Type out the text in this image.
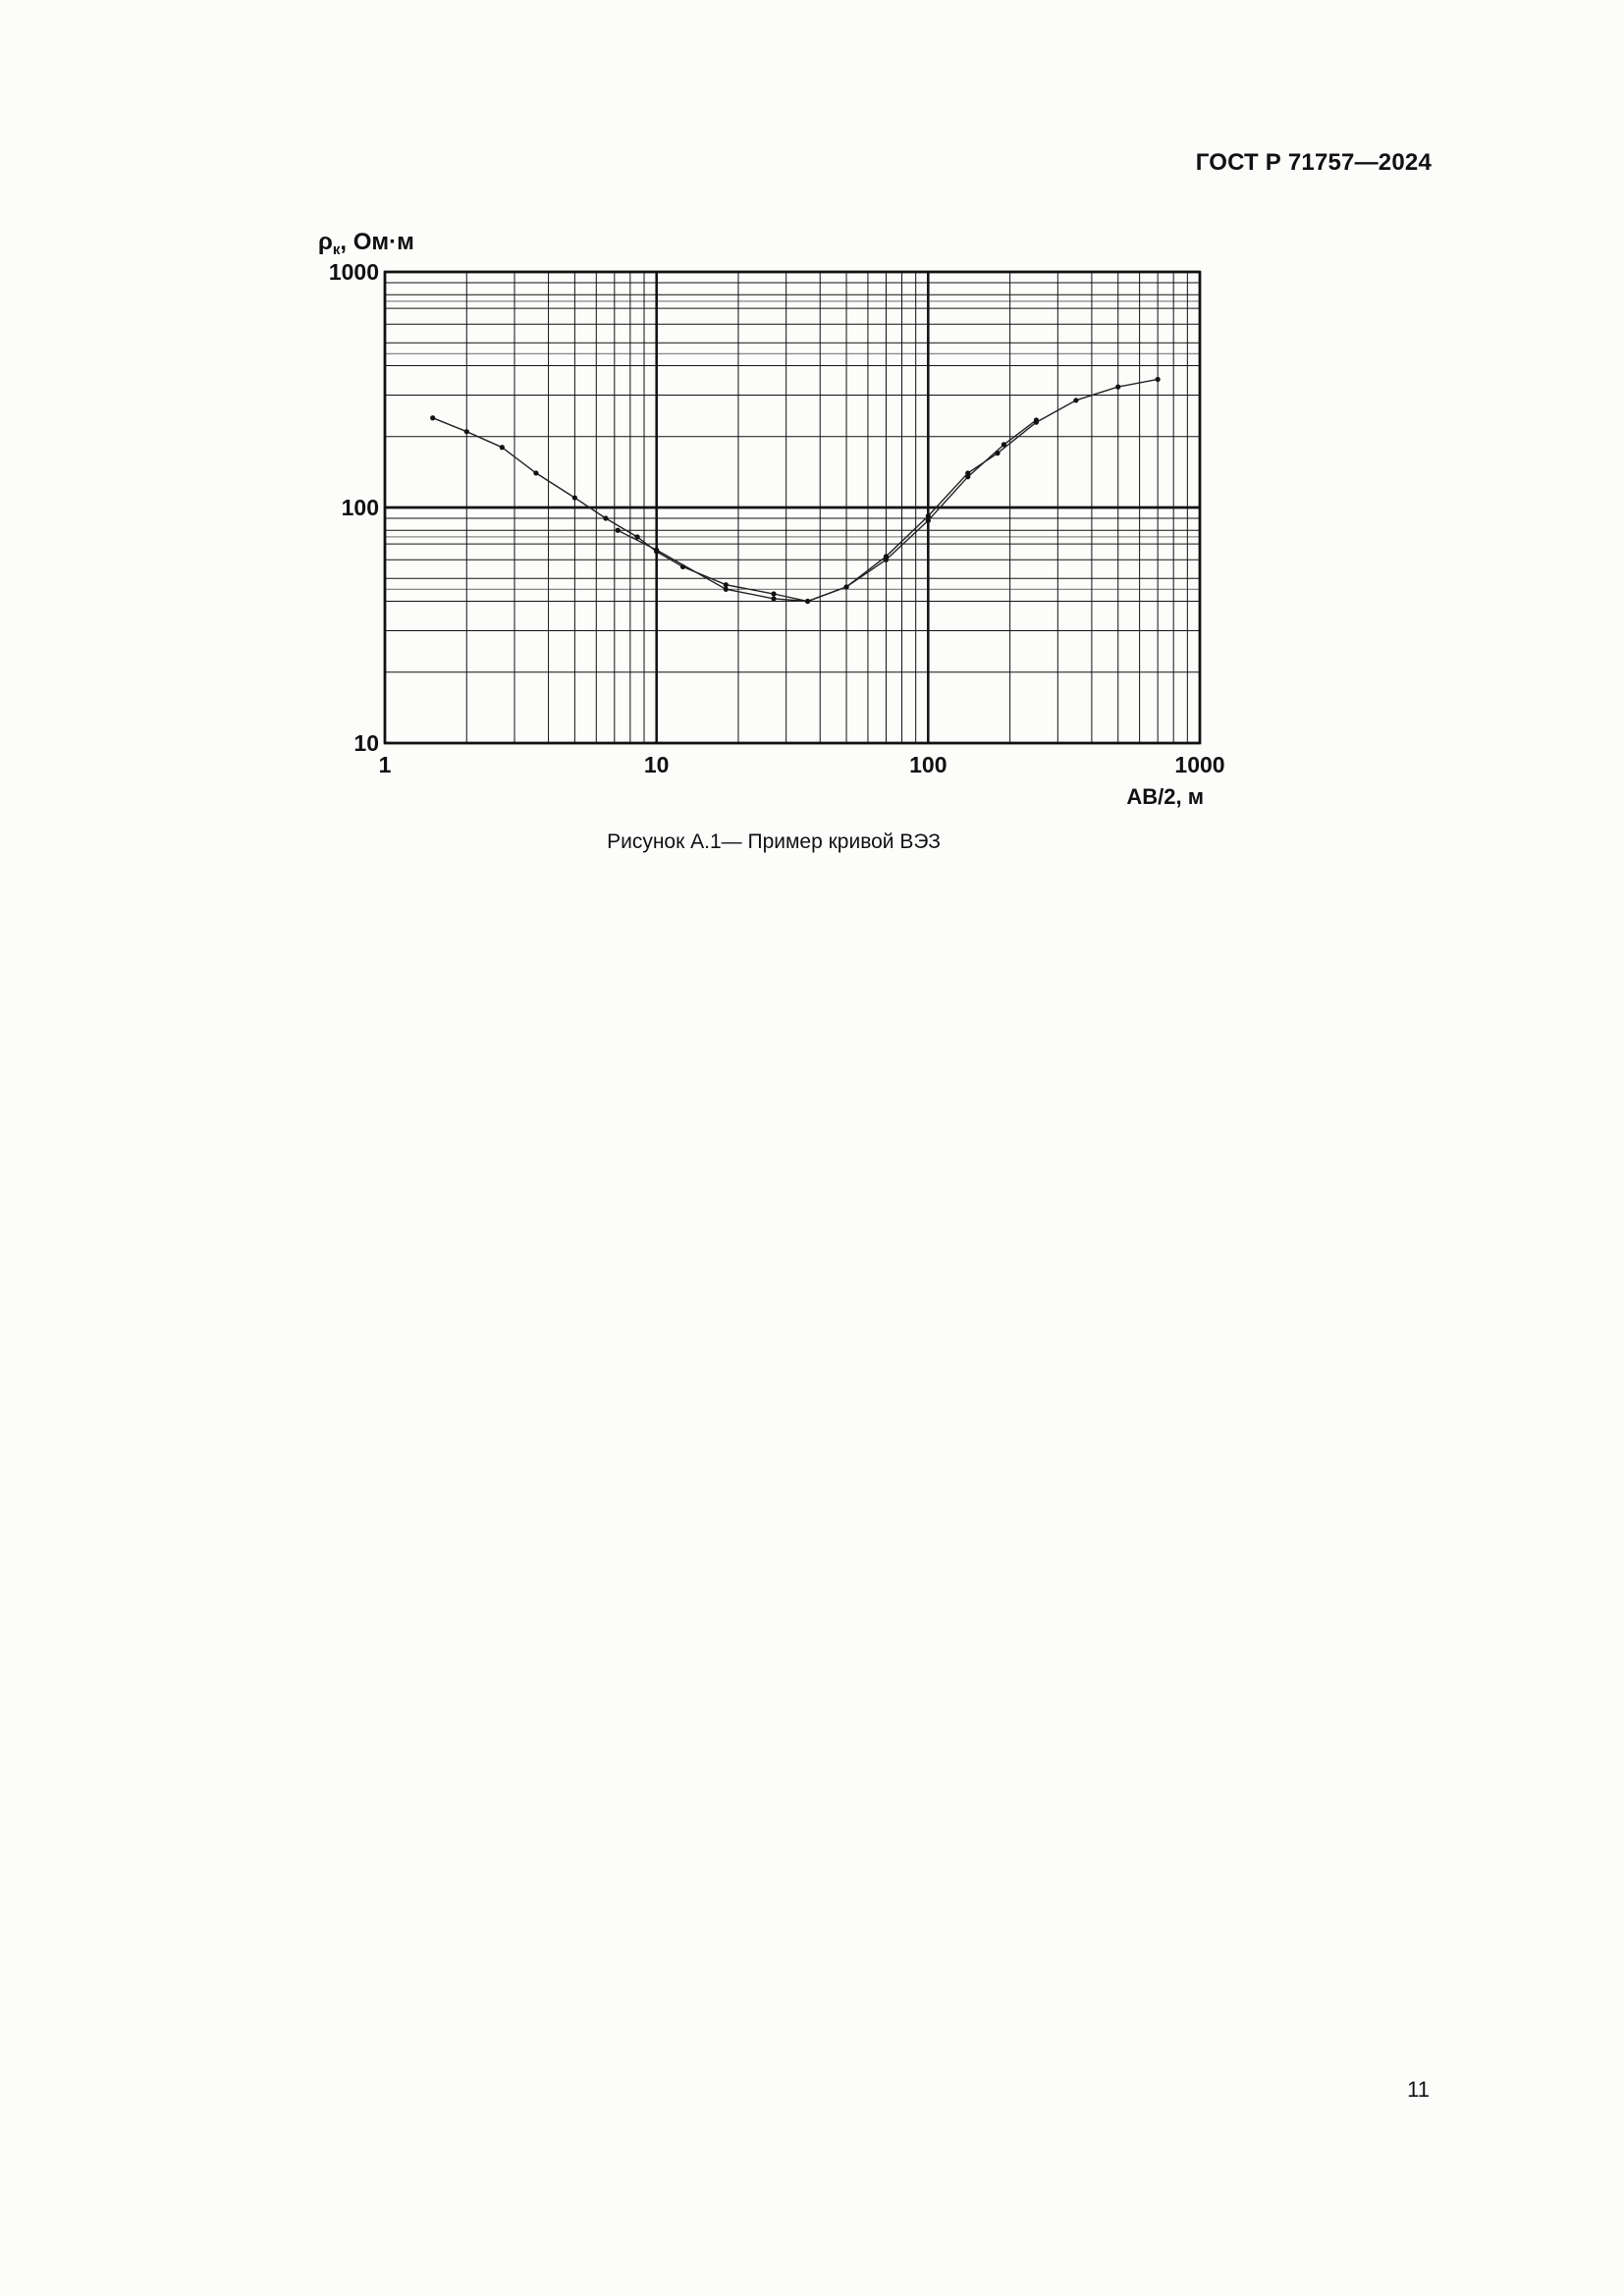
ГОСТ Р 71757—2024
1	10	100	1000
10
100
1000
$\rho_к$, Ом·м
АВ/2, м
Рисунок А.1— Пример кривой ВЭЗ
11
